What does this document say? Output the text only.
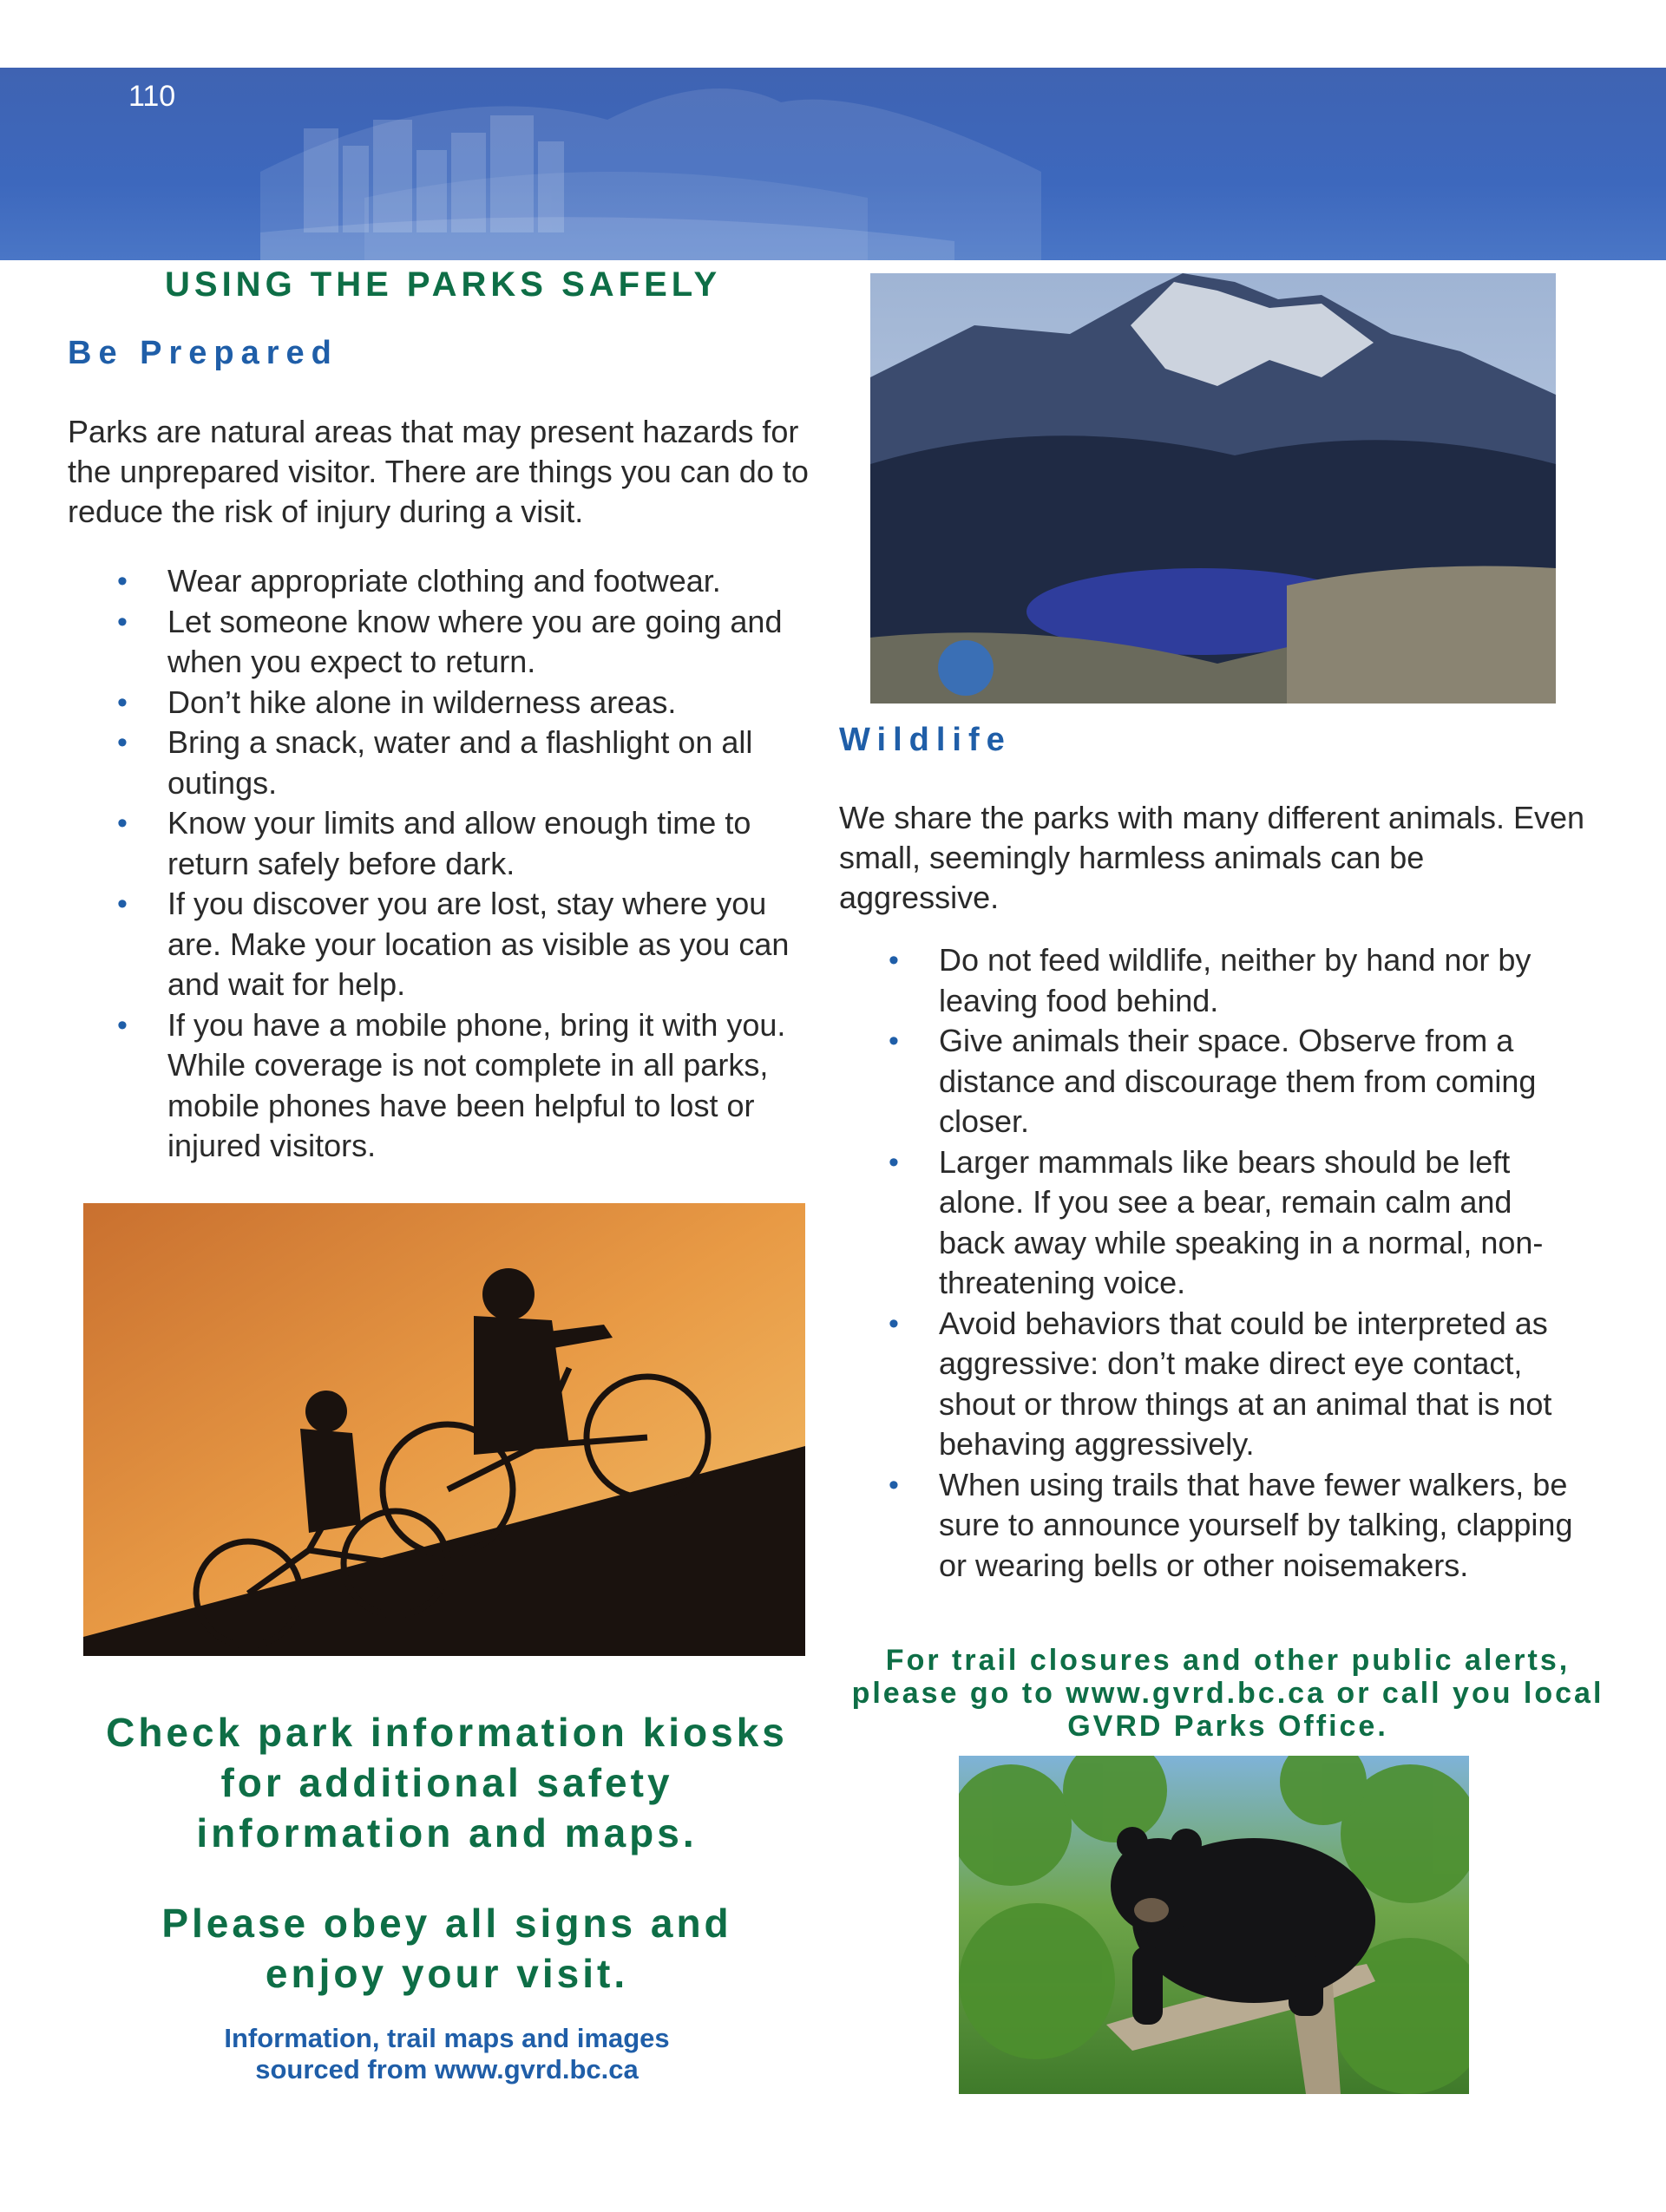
110
USING THE PARKS SAFELY
Be Prepared
Parks are natural areas that may present hazards for the unprepared visitor. There are things you can do to reduce the risk of injury during a visit.
• Wear appropriate clothing and footwear.
• Let someone know where you are going and when you expect to return.
• Don’t hike alone in wilderness areas.
• Bring a snack, water and a flashlight on all outings.
• Know your limits and allow enough time to return safely before dark.
• If you discover you are lost, stay where you are. Make your location as visible as you can and wait for help.
• If you have a mobile phone, bring it with you. While coverage is not complete in all parks, mobile phones have been helpful to lost or injured visitors.
Wildlife
We share the parks with many different animals. Even small, seemingly harmless animals can be aggressive.
• Do not feed wildlife, neither by hand nor by leaving food behind.
• Give animals their space. Observe from a distance and discourage them from coming closer.
• Larger mammals like bears should be left alone. If you see a bear, remain calm and back away while speaking in a normal, non-threatening voice.
• Avoid behaviors that could be interpreted as aggressive: don’t make direct eye contact, shout or throw things at an animal that is not behaving aggressively.
• When using trails that have fewer walkers, be sure to announce yourself by talking, clapping or wearing bells or other noisemakers.
For trail closures and other public alerts, please go to www.gvrd.bc.ca or call you local GVRD Parks Office.
Check park information kiosks for additional safety information and maps.
Please obey all signs and enjoy your visit.
Information, trail maps and images sourced from www.gvrd.bc.ca
